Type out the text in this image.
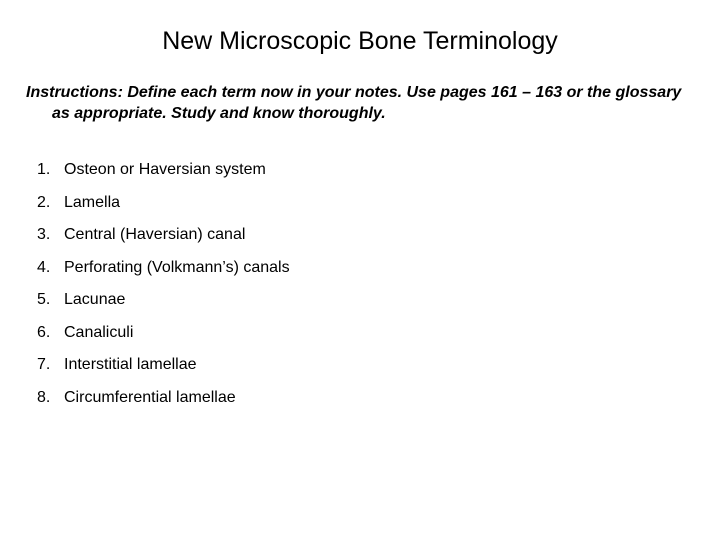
New Microscopic Bone Terminology

Instructions: Define each term now in your notes. Use pages 161 – 163 or the glossary as appropriate. Study and know thoroughly.

1. Osteon or Haversian system
2. Lamella
3. Central (Haversian) canal
4. Perforating (Volkmann’s) canals
5. Lacunae
6. Canaliculi
7. Interstitial lamellae
8. Circumferential lamellae
